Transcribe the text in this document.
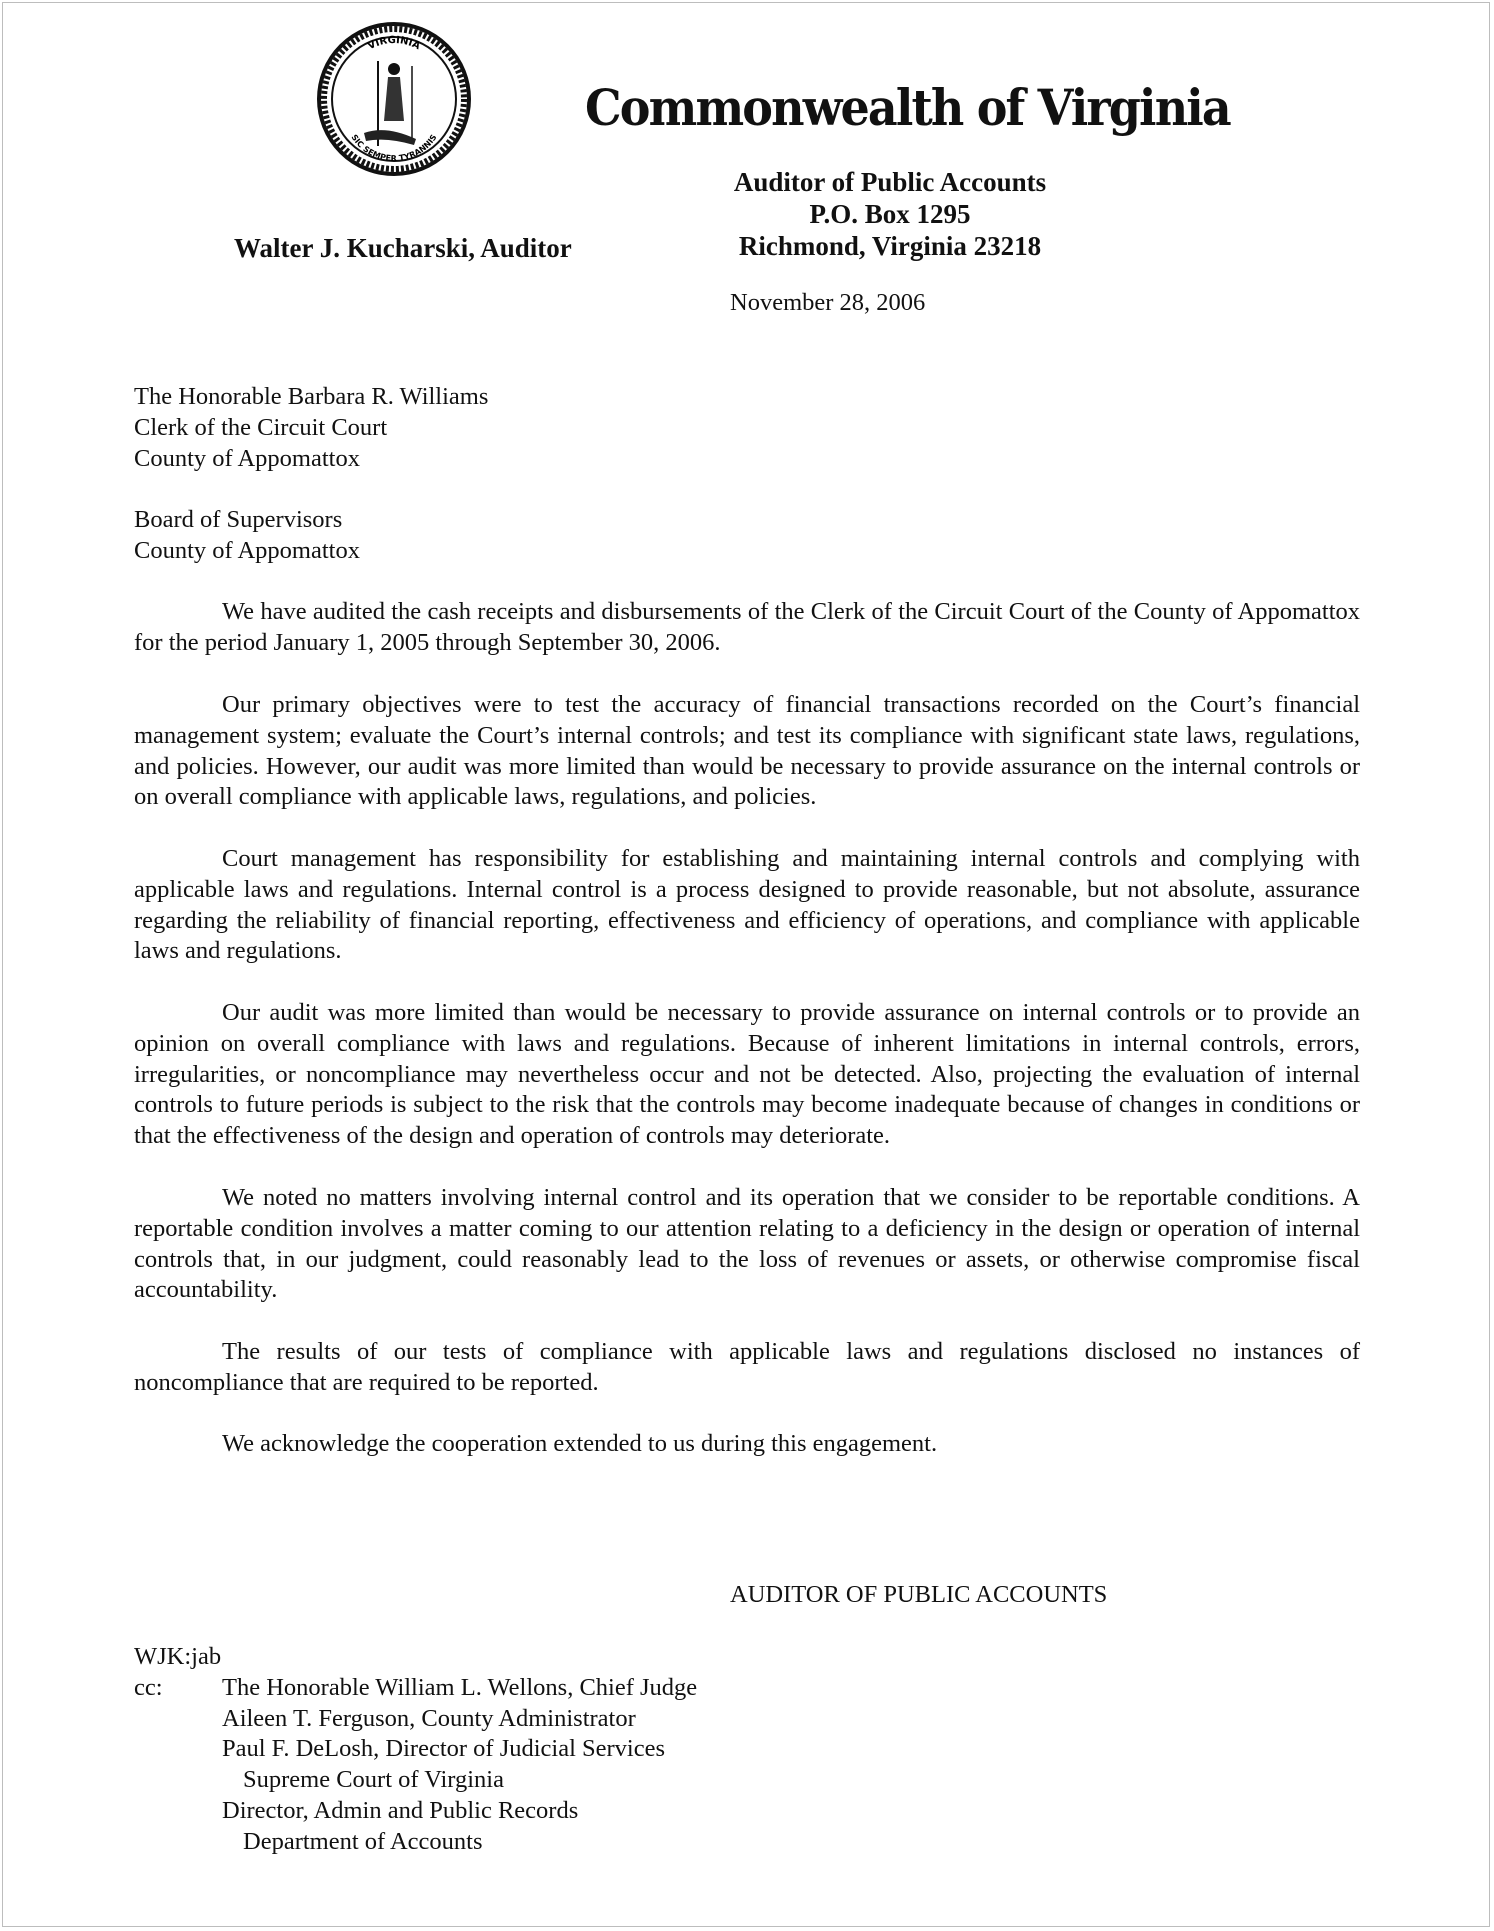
VIRGINIA
SIC SEMPER TYRANNIS
Commonwealth of Virginia
Auditor of Public Accounts
P.O. Box 1295
Richmond, Virginia 23218
Walter J. Kucharski, Auditor
November 28, 2006
The Honorable Barbara R. Williams
Clerk of the Circuit Court
County of Appomattox
Board of Supervisors
County of Appomattox
We have audited the cash receipts and disbursements of the Clerk of the Circuit Court of the County of Appomattox for the period January 1, 2005 through September 30, 2006.
Our primary objectives were to test the accuracy of financial transactions recorded on the Court’s financial management system; evaluate the Court’s internal controls; and test its compliance with significant state laws, regulations, and policies. However, our audit was more limited than would be necessary to provide assurance on the internal controls or on overall compliance with applicable laws, regulations, and policies.
Court management has responsibility for establishing and maintaining internal controls and complying with applicable laws and regulations. Internal control is a process designed to provide reasonable, but not absolute, assurance regarding the reliability of financial reporting, effectiveness and efficiency of operations, and compliance with applicable laws and regulations.
Our audit was more limited than would be necessary to provide assurance on internal controls or to provide an opinion on overall compliance with laws and regulations. Because of inherent limitations in internal controls, errors, irregularities, or noncompliance may nevertheless occur and not be detected. Also, projecting the evaluation of internal controls to future periods is subject to the risk that the controls may become inadequate because of changes in conditions or that the effectiveness of the design and operation of controls may deteriorate.
We noted no matters involving internal control and its operation that we consider to be reportable conditions. A reportable condition involves a matter coming to our attention relating to a deficiency in the design or operation of internal controls that, in our judgment, could reasonably lead to the loss of revenues or assets, or otherwise compromise fiscal accountability.
The results of our tests of compliance with applicable laws and regulations disclosed no instances of noncompliance that are required to be reported.
We acknowledge the cooperation extended to us during this engagement.
AUDITOR OF PUBLIC ACCOUNTS
WJK:jab
cc:	The Honorable William L. Wellons, Chief Judge
Aileen T. Ferguson, County Administrator
Paul F. DeLosh, Director of Judicial Services
Supreme Court of Virginia
Director, Admin and Public Records
Department of Accounts
